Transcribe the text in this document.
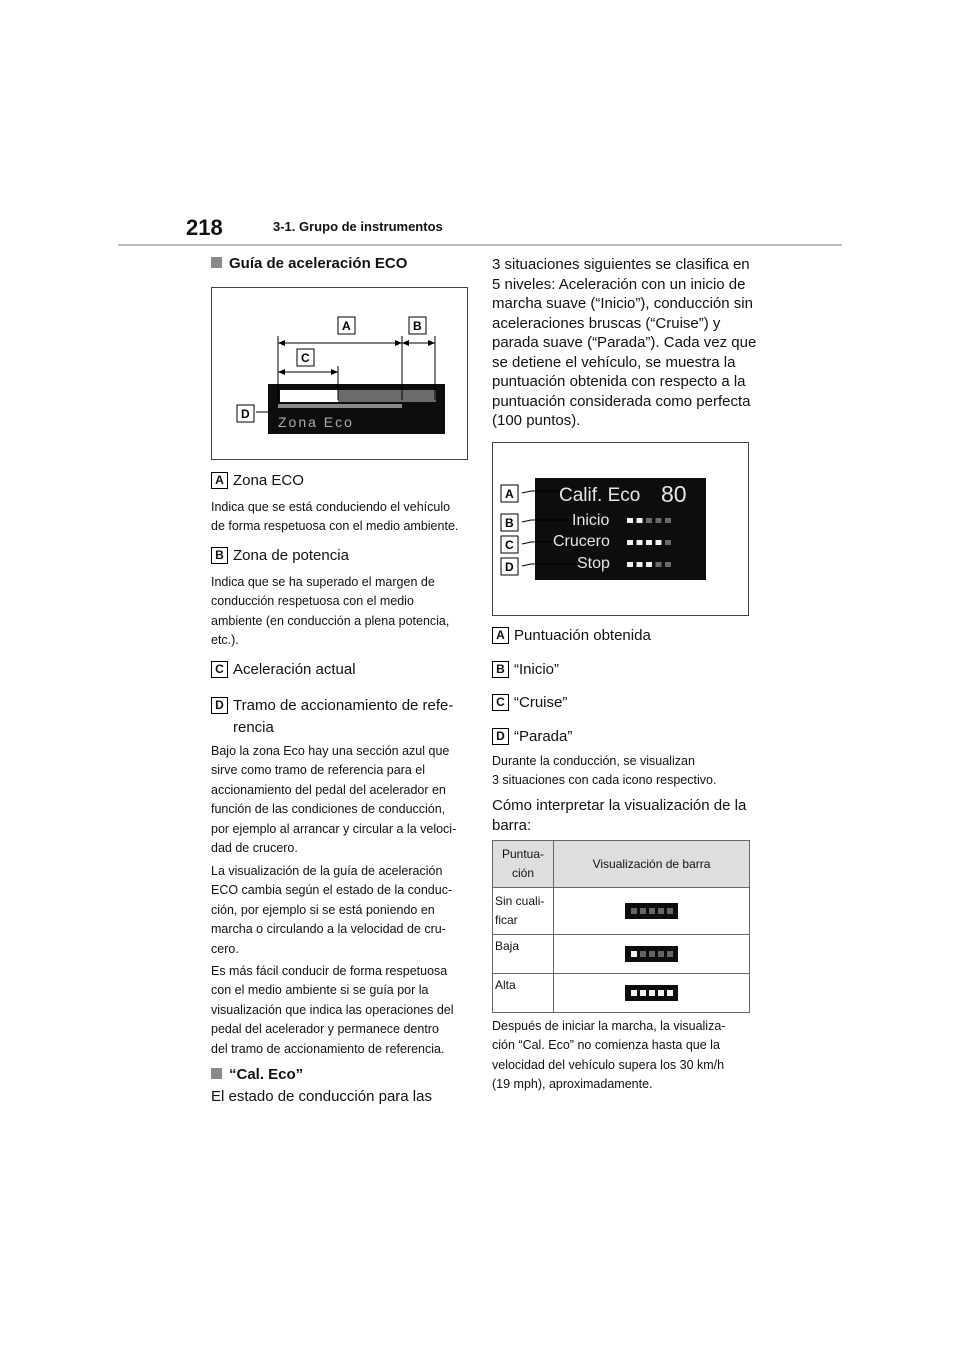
218	3-1. Grupo de instrumentos
Guía de aceleración ECO
Zona Eco
A	B
C
D
A Zona ECO
Indica que se está conduciendo el vehículo
de forma respetuosa con el medio ambiente.
B Zona de potencia
Indica que se ha superado el margen de
conducción respetuosa con el medio
ambiente (en conducción a plena potencia,
etc.).
C Aceleración actual
D Tramo de accionamiento de refe-
rencia
Bajo la zona Eco hay una sección azul que
sirve como tramo de referencia para el
accionamiento del pedal del acelerador en
función de las condiciones de conducción,
por ejemplo al arrancar y circular a la veloci-
dad de crucero.
La visualización de la guía de aceleración
ECO cambia según el estado de la conduc-
ción, por ejemplo si se está poniendo en
marcha o circulando a la velocidad de cru-
cero.
Es más fácil conducir de forma respetuosa
con el medio ambiente si se guía por la
visualización que indica las operaciones del
pedal del acelerador y permanece dentro
del tramo de accionamiento de referencia.
“Cal. Eco”
El estado de conducción para las
3 situaciones siguientes se clasifica en
5 niveles: Aceleración con un inicio de
marcha suave (“Inicio”), conducción sin
aceleraciones bruscas (“Cruise”) y
parada suave (“Parada”). Cada vez que
se detiene el vehículo, se muestra la
puntuación obtenida con respecto a la
puntuación considerada como perfecta
(100 puntos).
Calif. Eco 80
Inicio
Crucero
Stop
A
B
C
D
A Puntuación obtenida
B “Inicio”
C “Cruise”
D “Parada”
Durante la conducción, se visualizan
3 situaciones con cada icono respectivo.
Cómo interpretar la visualización de la
barra:
Puntua-
ción	Visualización de barra

Sin cuali-
ficar	

Baja	

Alta	

Después de iniciar la marcha, la visualiza-
ción “Cal. Eco” no comienza hasta que la
velocidad del vehículo supera los 30 km/h
(19 mph), aproximadamente.
